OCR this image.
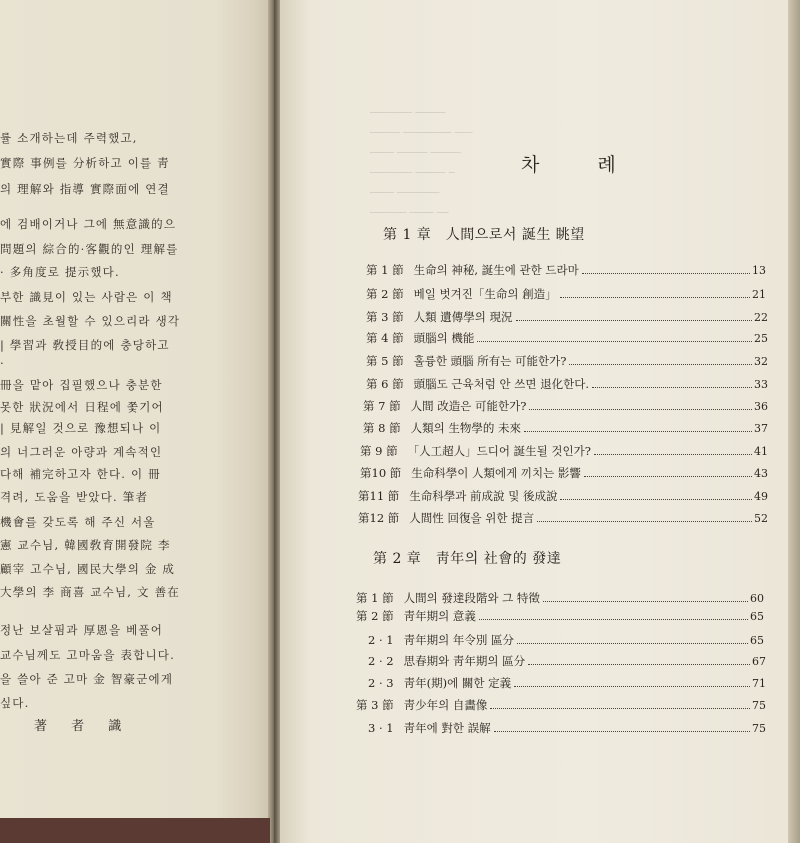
률 소개하는데 주력했고,
實際 事例를 分析하고 이를 靑
의 理解와 指導 實際面에 연결
에 검배이거나 그에 無意識的으
問題의 綜合的·客觀的인 理解를
· 多角度로 提示했다.
부한 識見이 있는 사람은 이 책
關性을 초월할 수 있으리라 생각
| 學習과 敎授目的에 충당하고
.
冊을 맡아 집필했으나 충분한
못한 狀況에서 日程에 쫓기어
| 見解일 것으로 豫想되나 이
의 너그러운 아량과 계속적인
다해 補完하고자 한다. 이 冊
격려, 도움을 받았다. 筆者
機會를 갖도록 해 주신 서울
憲 교수님, 韓國敎育開發院 李
顧宰 고수님, 國民大學의 金 成
大學의 李 商喜 교수님, 文 善在
정난 보살핌과 厚恩을 베풀어
교수님께도 고마움을 表합니다.
을 쓸아 준 고마 金 智豪군에게
싶다.
著 者 識
─────── ─────
───── ──────── ───
──── ───── ─────
─────── ───── ─
──── ───────
────── ──── ──
차 례
第 1 章　人間으로서 誕生 眺望
第 1 節 生命의 神秘, 誕生에 관한 드라마	13
第 2 節 베일 벗겨진「生命의 創造」	21
第 3 節 人類 遺傳學의 現況	22
第 4 節 頭腦의 機能	25
第 5 節 훌륭한 頭腦 所有는 可能한가?	32
第 6 節 頭腦도 근육처럼 안 쓰면 退化한다.	33
第 7 節 人間 改造은 可能한가?	36
第 8 節 人類의 生物學的 未來	37
第 9 節 「人工超人」드디어 誕生될 것인가?	41
第10 節 生命科學이 人類에게 끼치는 影響	43
第11 節 生命科學과 前成說 및 後成說	49
第12 節 人間性 回復을 위한 提言	52
第 2 章　靑年의 社會的 發達
第 1 節 人間의 發達段階와 그 特徵	60
第 2 節 靑年期의 意義	65
2 · 1 靑年期의 年令別 區分	65
2 · 2 思春期와 靑年期의 區分	67
2 · 3 靑年(期)에 關한 定義	71
第 3 節 靑少年의 自畵像	75
3 · 1 靑年에 對한 誤解	75
